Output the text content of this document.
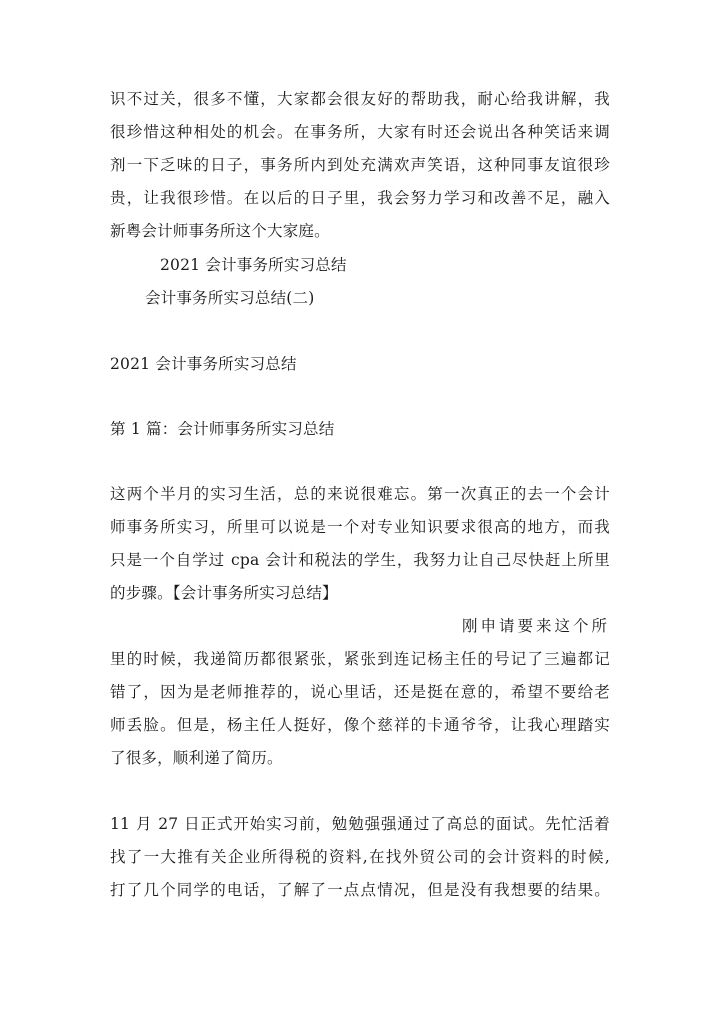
识不过关，很多不懂，大家都会很友好的帮助我，耐心给我讲解，我
很珍惜这种相处的机会。在事务所，大家有时还会说出各种笑话来调
剂一下乏味的日子，事务所内到处充满欢声笑语，这种同事友谊很珍
贵，让我很珍惜。在以后的日子里，我会努力学习和改善不足，融入
新粤会计师事务所这个大家庭。
2021 会计事务所实习总结
会计事务所实习总结(二)
2021 会计事务所实习总结
第 1 篇：会计师事务所实习总结
这两个半月的实习生活，总的来说很难忘。第一次真正的去一个会计
师事务所实习，所里可以说是一个对专业知识要求很高的地方，而我
只是一个自学过 cpa 会计和税法的学生，我努力让自己尽快赶上所里
的步骤。【会计事务所实习总结】
刚申请要来这个所
里的时候，我递简历都很紧张，紧张到连记杨主任的号记了三遍都记
错了，因为是老师推荐的，说心里话，还是挺在意的，希望不要给老
师丢脸。但是，杨主任人挺好，像个慈祥的卡通爷爷，让我心理踏实
了很多，顺利递了简历。
11 月 27 日正式开始实习前，勉勉强强通过了高总的面试。先忙活着
找了一大推有关企业所得税的资料,在找外贸公司的会计资料的时候,
打了几个同学的电话，了解了一点点情况，但是没有我想要的结果。
